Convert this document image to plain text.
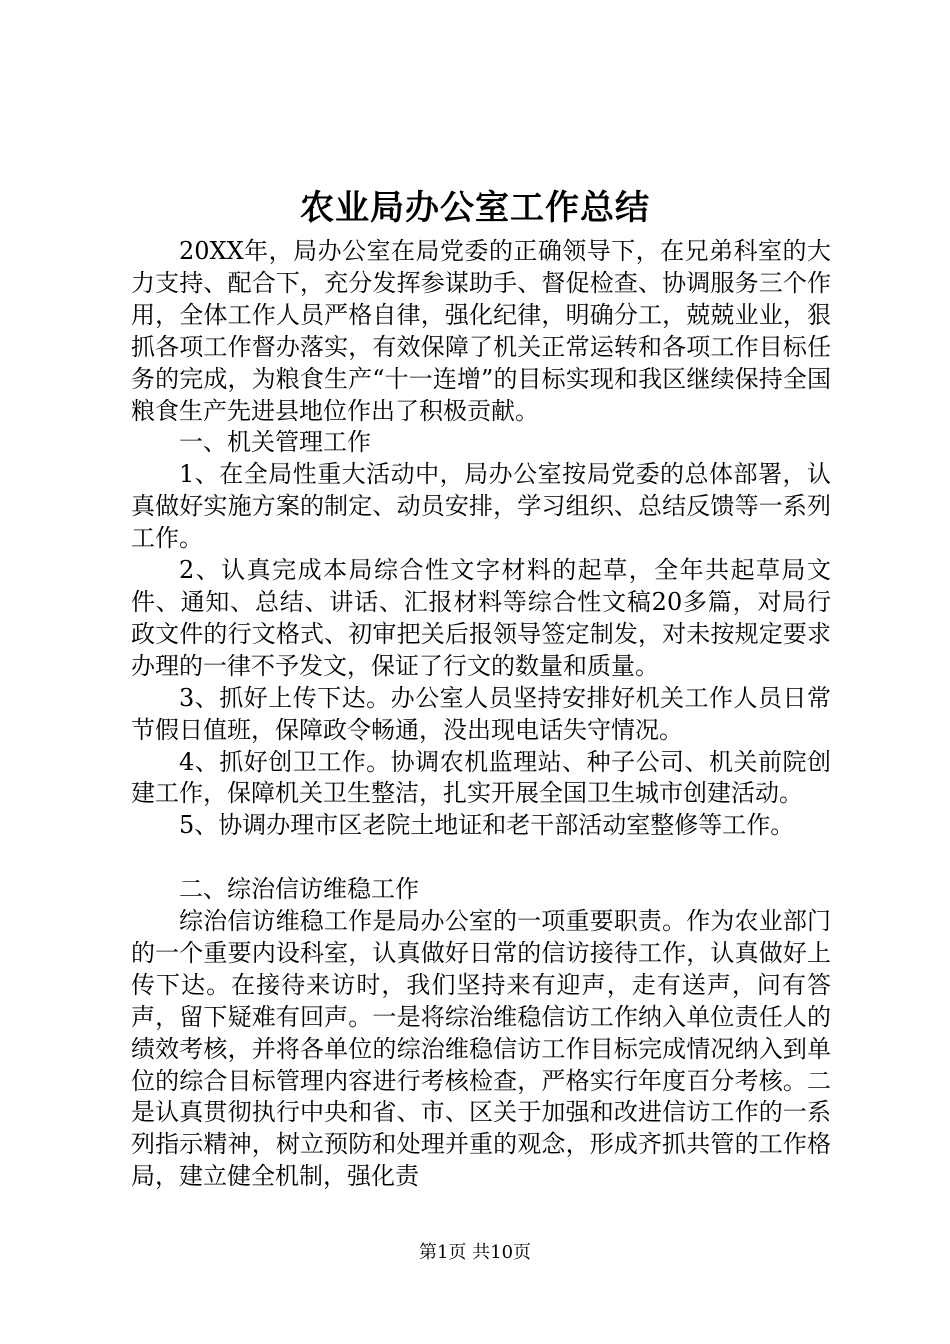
农业局办公室工作总结

20XX年，局办公室在局党委的正确领导下，在兄弟科室的大力支持、配合下，充分发挥参谋助手、督促检查、协调服务三个作用，全体工作人员严格自律，强化纪律，明确分工，兢兢业业，狠抓各项工作督办落实，有效保障了机关正常运转和各项工作目标任务的完成，为粮食生产“十一连增”的目标实现和我区继续保持全国粮食生产先进县地位作出了积极贡献。

一、机关管理工作

1、在全局性重大活动中，局办公室按局党委的总体部署，认真做好实施方案的制定、动员安排，学习组织、总结反馈等一系列工作。

2、认真完成本局综合性文字材料的起草，全年共起草局文件、通知、总结、讲话、汇报材料等综合性文稿20多篇，对局行政文件的行文格式、初审把关后报领导签定制发，对未按规定要求办理的一律不予发文，保证了行文的数量和质量。

3、抓好上传下达。办公室人员坚持安排好机关工作人员日常节假日值班，保障政令畅通，没出现电话失守情况。

4、抓好创卫工作。协调农机监理站、种子公司、机关前院创建工作，保障机关卫生整洁，扎实开展全国卫生城市创建活动。

5、协调办理市区老院土地证和老干部活动室整修等工作。

二、综治信访维稳工作

综治信访维稳工作是局办公室的一项重要职责。作为农业部门的一个重要内设科室，认真做好日常的信访接待工作，认真做好上传下达。在接待来访时，我们坚持来有迎声，走有送声，问有答声，留下疑难有回声。一是将综治维稳信访工作纳入单位责任人的绩效考核，并将各单位的综治维稳信访工作目标完成情况纳入到单位的综合目标管理内容进行考核检查，严格实行年度百分考核。二是认真贯彻执行中央和省、市、区关于加强和改进信访工作的一系列指示精神，树立预防和处理并重的观念，形成齐抓共管的工作格局，建立健全机制，强化责

第1页 共10页
